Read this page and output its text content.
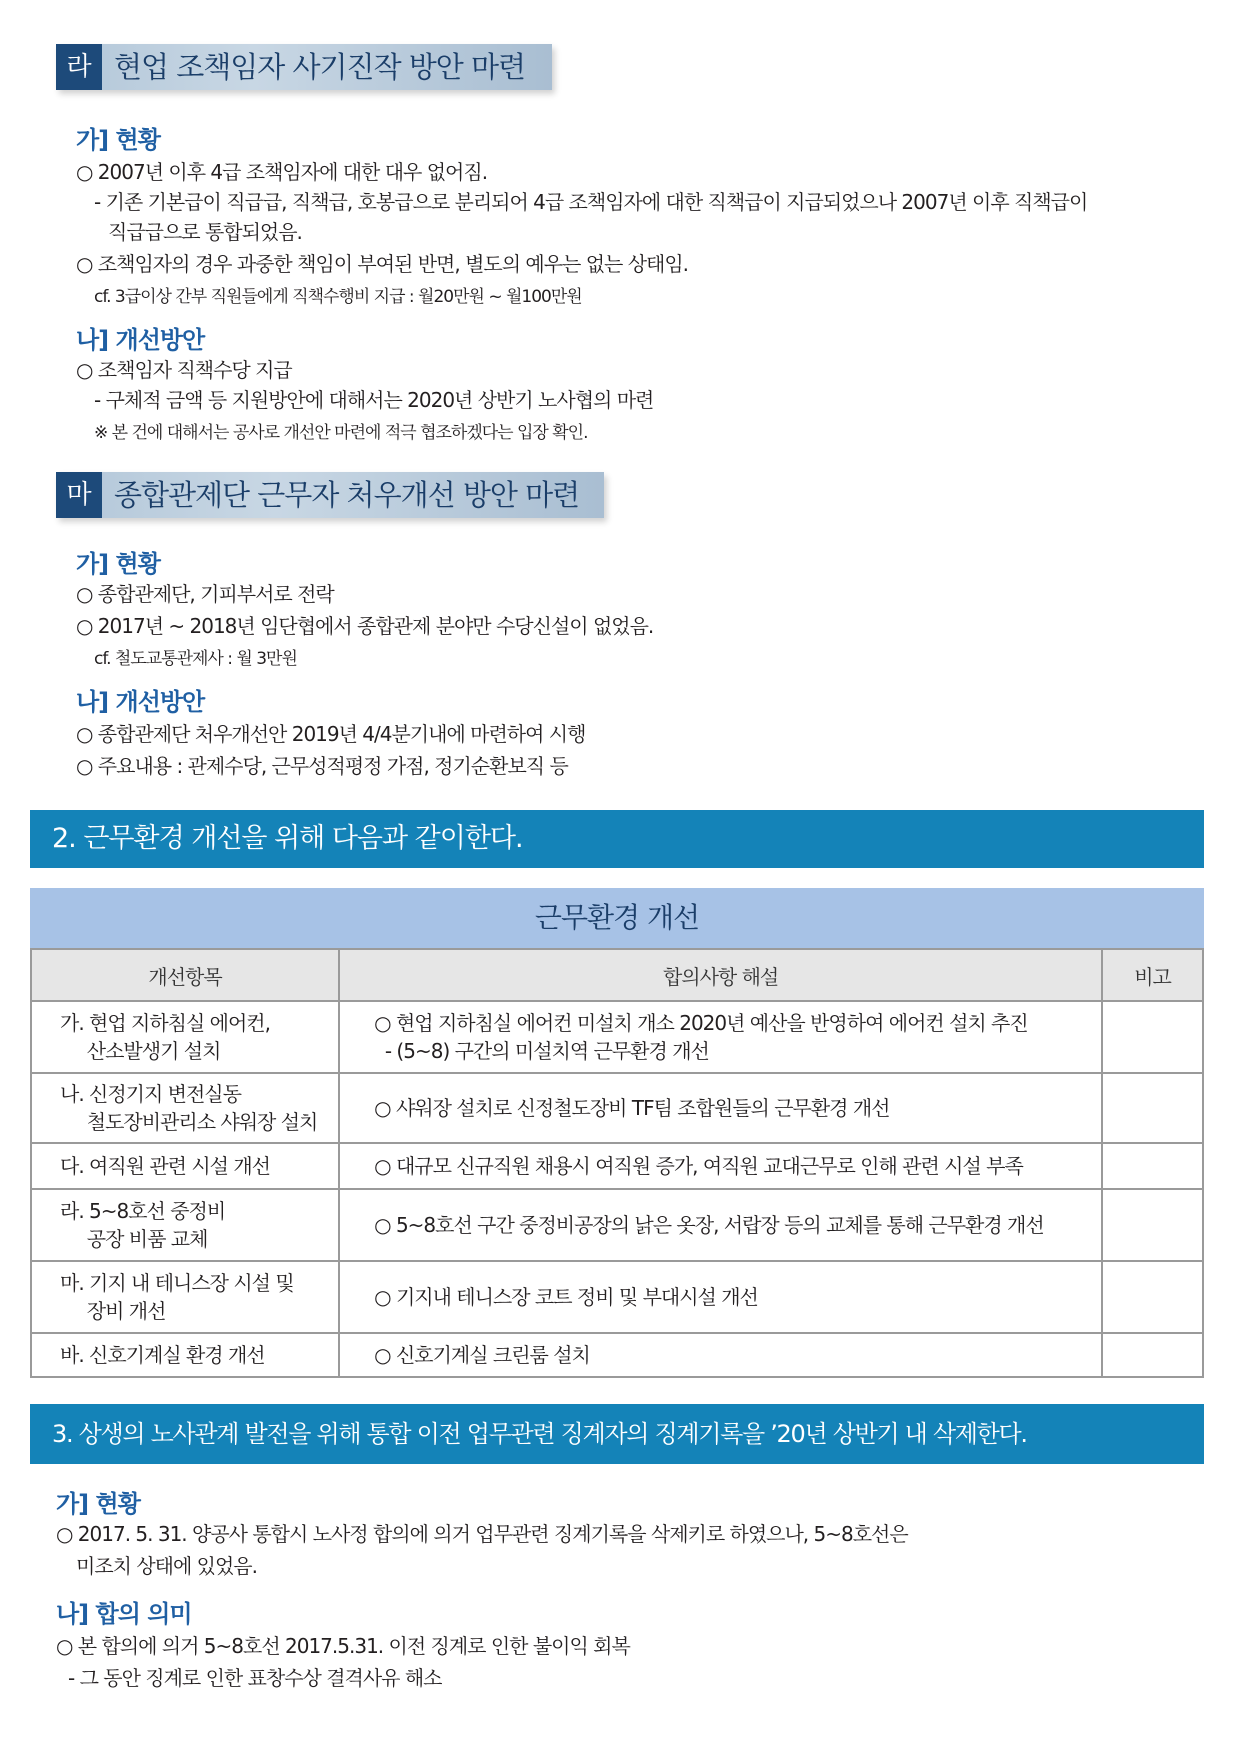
라 현업 조책임자 사기진작 방안 마련
가] 현황
○ 2007년 이후 4급 조책임자에 대한 대우 없어짐.
- 기존 기본급이 직급급, 직책급, 호봉급으로 분리되어 4급 조책임자에 대한 직책급이 지급되었으나 2007년 이후 직책급이
직급급으로 통합되었음.
○ 조책임자의 경우 과중한 책임이 부여된 반면, 별도의 예우는 없는 상태임.
cf. 3급이상 간부 직원들에게 직책수행비 지급 : 월20만원 ~ 월100만원
나] 개선방안
○ 조책임자 직책수당 지급
- 구체적 금액 등 지원방안에 대해서는 2020년 상반기 노사협의 마련
※ 본 건에 대해서는 공사로 개선안 마련에 적극 협조하겠다는 입장 확인.
마 종합관제단 근무자 처우개선 방안 마련
가] 현황
○ 종합관제단, 기피부서로 전락
○ 2017년 ~ 2018년 임단협에서 종합관제 분야만 수당신설이 없었음.
cf. 철도교통관제사 : 월 3만원
나] 개선방안
○ 종합관제단 처우개선안 2019년 4/4분기내에 마련하여 시행
○ 주요내용 : 관제수당, 근무성적평정 가점, 정기순환보직 등
2. 근무환경 개선을 위해 다음과 같이한다.
근무환경 개선
개선항목	합의사항 해설	비고

가. 현업 지하침실 에어컨,
산소발생기 설치	○ 현업 지하침실 에어컨 미설치 개소 2020년 예산을 반영하여 에어컨 설치 추진
- (5~8) 구간의 미설치역 근무환경 개선	

나. 신정기지 변전실동
철도장비관리소 샤워장 설치	○ 샤워장 설치로 신정철도장비 TF팀 조합원들의 근무환경 개선	

다. 여직원 관련 시설 개선	○ 대규모 신규직원 채용시 여직원 증가, 여직원 교대근무로 인해 관련 시설 부족	

라. 5~8호선 중정비
공장 비품 교체	○ 5~8호선 구간 중정비공장의 낡은 옷장, 서랍장 등의 교체를 통해 근무환경 개선	

마. 기지 내 테니스장 시설 및
장비 개선	○ 기지내 테니스장 코트 정비 및 부대시설 개선	

바. 신호기계실 환경 개선	○ 신호기계실 크린룸 설치	

3. 상생의 노사관계 발전을 위해 통합 이전 업무관련 징계자의 징계기록을 ’20년 상반기 내 삭제한다.
가] 현황
○ 2017. 5. 31. 양공사 통합시 노사정 합의에 의거 업무관련 징계기록을 삭제키로 하였으나, 5~8호선은
미조치 상태에 있었음.
나] 합의 의미
○ 본 합의에 의거 5~8호선 2017.5.31. 이전 징계로 인한 불이익 회복
- 그 동안 징계로 인한 표창수상 결격사유 해소
